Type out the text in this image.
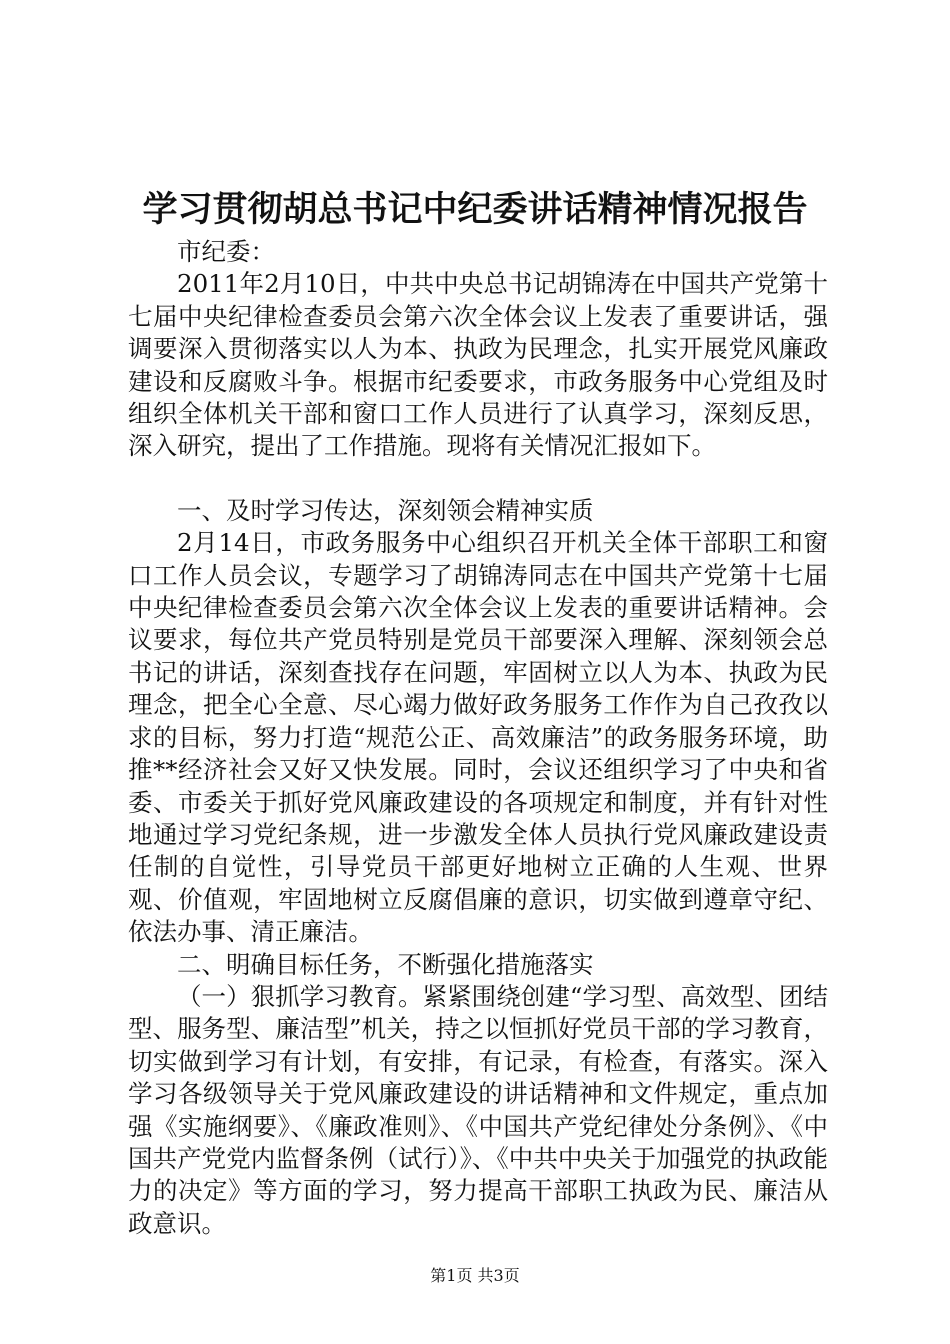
学习贯彻胡总书记中纪委讲话精神情况报告

市纪委：

2011年2月10日，中共中央总书记胡锦涛在中国共产党第十七届中央纪律检查委员会第六次全体会议上发表了重要讲话，强调要深入贯彻落实以人为本、执政为民理念，扎实开展党风廉政建设和反腐败斗争。根据市纪委要求，市政务服务中心党组及时组织全体机关干部和窗口工作人员进行了认真学习，深刻反思，深入研究，提出了工作措施。现将有关情况汇报如下。

一、及时学习传达，深刻领会精神实质

2月14日，市政务服务中心组织召开机关全体干部职工和窗口工作人员会议，专题学习了胡锦涛同志在中国共产党第十七届中央纪律检查委员会第六次全体会议上发表的重要讲话精神。会议要求，每位共产党员特别是党员干部要深入理解、深刻领会总书记的讲话，深刻查找存在问题，牢固树立以人为本、执政为民理念，把全心全意、尽心竭力做好政务服务工作作为自己孜孜以求的目标，努力打造“规范公正、高效廉洁”的政务服务环境，助推**经济社会又好又快发展。同时，会议还组织学习了中央和省委、市委关于抓好党风廉政建设的各项规定和制度，并有针对性地通过学习党纪条规，进一步激发全体人员执行党风廉政建设责任制的自觉性，引导党员干部更好地树立正确的人生观、世界观、价值观，牢固地树立反腐倡廉的意识，切实做到遵章守纪、依法办事、清正廉洁。

二、明确目标任务，不断强化措施落实

（一）狠抓学习教育。紧紧围绕创建“学习型、高效型、团结型、服务型、廉洁型”机关，持之以恒抓好党员干部的学习教育，切实做到学习有计划，有安排，有记录，有检查，有落实。深入学习各级领导关于党风廉政建设的讲话精神和文件规定，重点加强《实施纲要》、《廉政准则》、《中国共产党纪律处分条例》、《中国共产党党内监督条例（试行）》、《中共中央关于加强党的执政能力的决定》等方面的学习，努力提高干部职工执政为民、廉洁从政意识。

第1页 共3页
